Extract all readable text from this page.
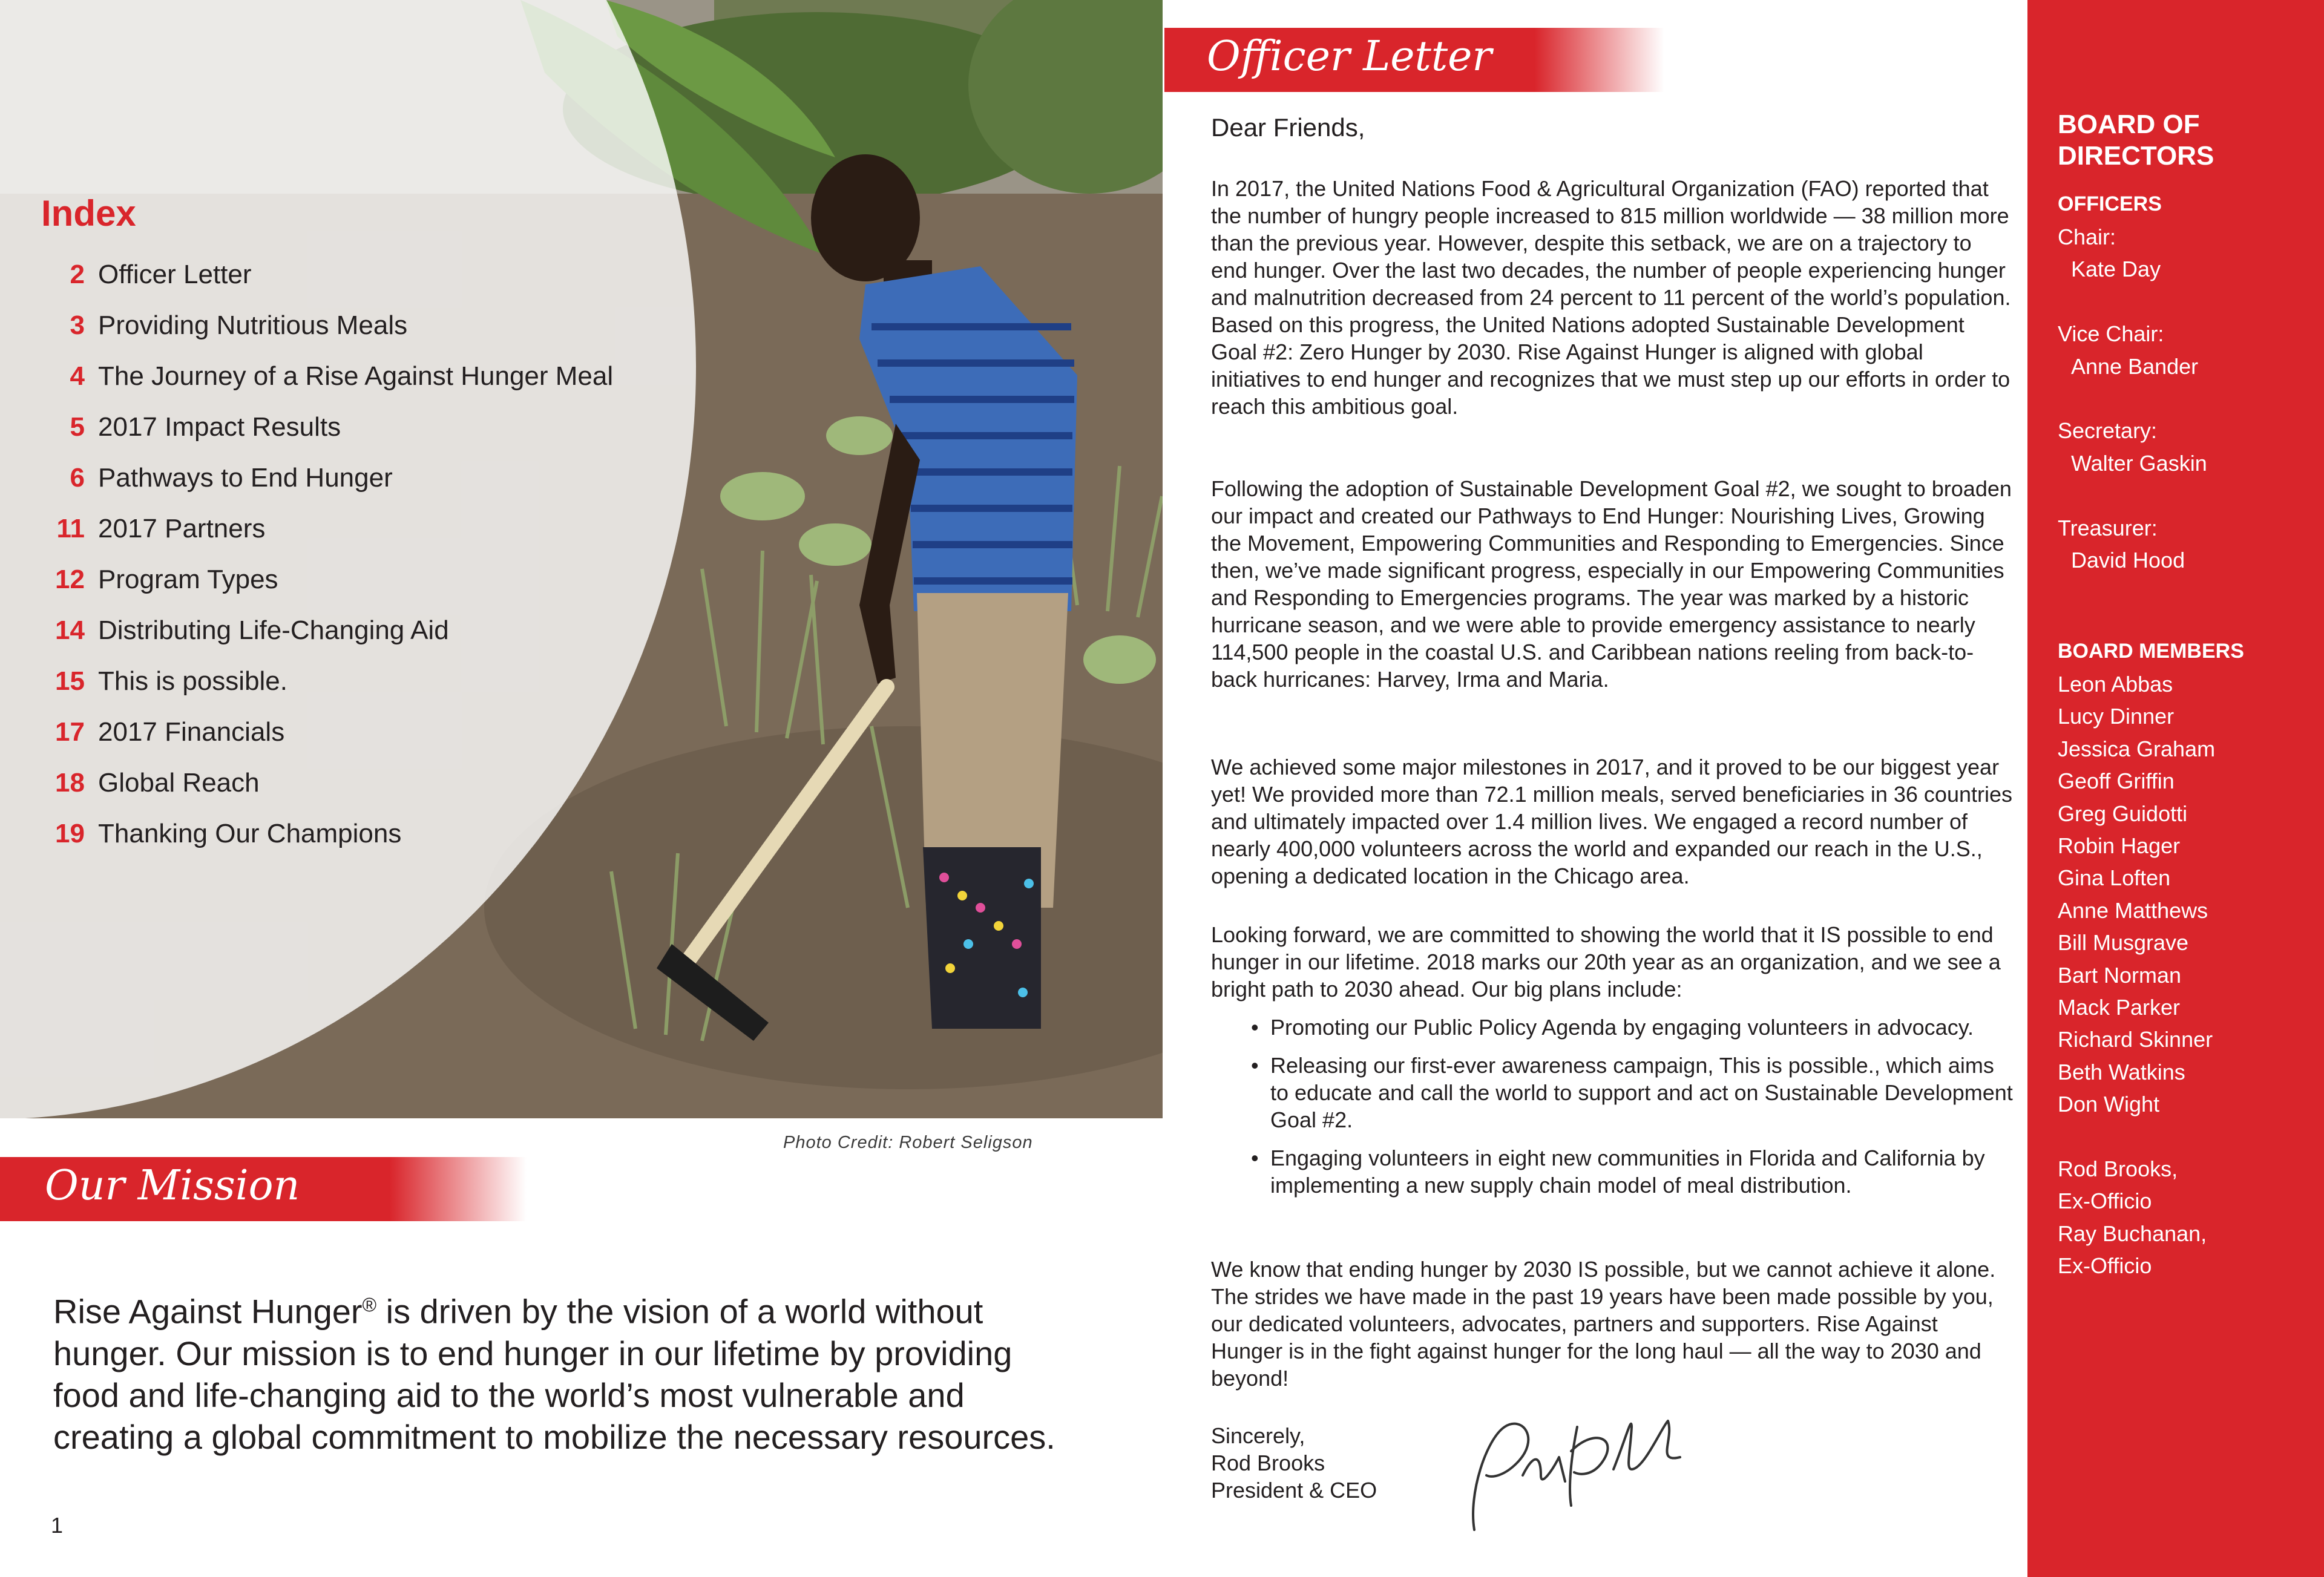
Index
2 Officer Letter
3 Providing Nutritious Meals
4 The Journey of a Rise Against Hunger Meal
5 2017 Impact Results
6 Pathways to End Hunger
11 2017 Partners
12 Program Types
14 Distributing Life-Changing Aid
15 This is possible.
17 2017 Financials
18 Global Reach
19 Thanking Our Champions
Photo Credit: Robert Seligson
Our Mission

Rise Against Hunger® is driven by the vision of a world without hunger. Our mission is to end hunger in our lifetime by providing food and life-changing aid to the world’s most vulnerable and creating a global commitment to mobilize the necessary resources.

1
Officer Letter

Dear Friends,

In 2017, the United Nations Food & Agricultural Organization (FAO) reported that the number of hungry people increased to 815 million worldwide — 38 million more than the previous year. However, despite this setback, we are on a trajectory to end hunger. Over the last two decades, the number of people experiencing hunger and malnutrition decreased from 24 percent to 11 percent of the world’s population. Based on this progress, the United Nations adopted Sustainable Development Goal #2: Zero Hunger by 2030. Rise Against Hunger is aligned with global initiatives to end hunger and recognizes that we must step up our efforts in order to reach this ambitious goal.

Following the adoption of Sustainable Development Goal #2, we sought to broaden our impact and created our Pathways to End Hunger: Nourishing Lives, Growing the Movement, Empowering Communities and Responding to Emergencies. Since then, we’ve made significant progress, especially in our Empowering Communities and Responding to Emergencies programs. The year was marked by a historic hurricane season, and we were able to provide emergency assistance to nearly 114,500 people in the coastal U.S. and Caribbean nations reeling from back-to-back hurricanes: Harvey, Irma and Maria.

We achieved some major milestones in 2017, and it proved to be our biggest year yet! We provided more than 72.1 million meals, served beneficiaries in 36 countries and ultimately impacted over 1.4 million lives. We engaged a record number of nearly 400,000 volunteers across the world and expanded our reach in the U.S., opening a dedicated location in the Chicago area.

Looking forward, we are committed to showing the world that it IS possible to end hunger in our lifetime. 2018 marks our 20th year as an organization, and we see a bright path to 2030 ahead. Our big plans include:

• Promoting our Public Policy Agenda by engaging volunteers in advocacy.
• Releasing our first-ever awareness campaign, This is possible., which aims to educate and call the world to support and act on Sustainable Development Goal #2.
• Engaging volunteers in eight new communities in Florida and California by implementing a new supply chain model of meal distribution.

We know that ending hunger by 2030 IS possible, but we cannot achieve it alone. The strides we have made in the past 19 years have been made possible by you, our dedicated volunteers, advocates, partners and supporters. Rise Against Hunger is in the fight against hunger for the long haul — all the way to 2030 and beyond!

Sincerely,
Rod Brooks
President & CEO

BOARD OF
DIRECTORS
OFFICERS
Chair:
Kate Day
Vice Chair:
Anne Bander
Secretary:
Walter Gaskin
Treasurer:
David Hood
BOARD MEMBERS
Leon Abbas
Lucy Dinner
Jessica Graham
Geoff Griffin
Greg Guidotti
Robin Hager
Gina Loften
Anne Matthews
Bill Musgrave
Bart Norman
Mack Parker
Richard Skinner
Beth Watkins
Don Wight
Rod Brooks,
Ex-Officio
Ray Buchanan,
Ex-Officio
